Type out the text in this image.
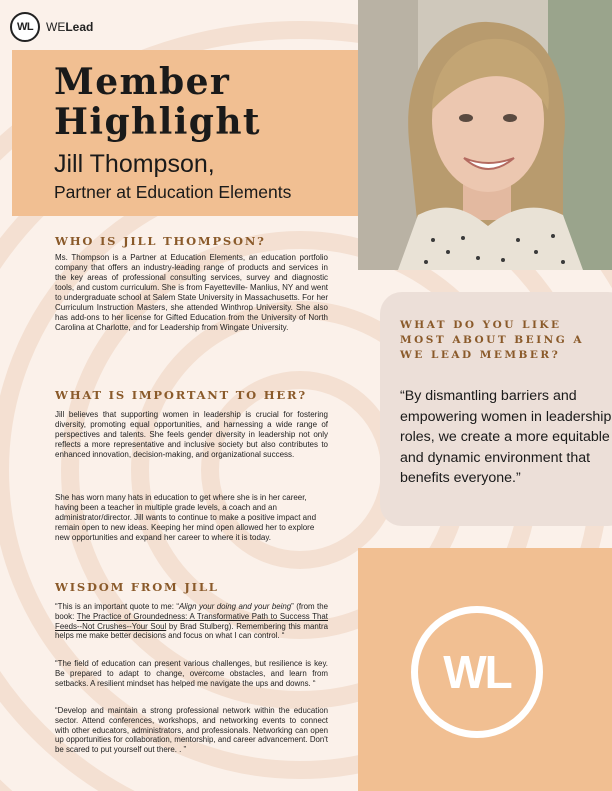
WL	WELead
Member
Highlight
Jill Thompson,
Partner at Education Elements
WHO IS JILL THOMPSON?
Ms. Thompson is a Partner at Education Elements, an education portfolio company that offers an industry-leading range of products and services in the key areas of professional consulting services, survey and diagnostic tools, and custom curriculum. She is from Fayetteville- Manlius, NY and went to undergraduate school at Salem State University in Massachusetts. For her Curriculum Instruction Masters, she attended Winthrop University. She also has add-ons to her license for Gifted Education from the University of North Carolina at Charlotte, and for Leadership from Wingate University.
WHAT IS IMPORTANT TO HER?
Jill believes that supporting women in leadership is crucial for fostering diversity, promoting equal opportunities, and harnessing a wide range of perspectives and talents. She feels gender diversity in leadership not only reflects a more representative and inclusive society but also contributes to enhanced innovation, decision-making, and organizational success.
She has worn many hats in education to get where she is in her career, having been a teacher in multiple grade levels, a coach and an administrator/director. Jill wants to continue to make a positive impact and remain open to new ideas. Keeping her mind open allowed her to explore new opportunities and expand her career to where it is today.
WISDOM FROM JILL
“This is an important quote to me: “Align your doing and your being” (from the book: The Practice of Groundedness: A Transformative Path to Success That Feeds--Not Crushes--Your Soul by Brad Stulberg). Remembering this mantra helps me make better decisions and focus on what I can control. “
“The field of education can present various challenges, but resilience is key. Be prepared to adapt to change, overcome obstacles, and learn from setbacks. A resilient mindset has helped me navigate the ups and downs. “
“Develop and maintain a strong professional network within the education sector. Attend conferences, workshops, and networking events to connect with other educators, administrators, and professionals. Networking can open up opportunities for collaboration, mentorship, and career advancement. Don't be scared to put yourself out there. . ”
WHAT DO YOU LIKE MOST ABOUT BEING A WE LEAD MEMBER?
“By dismantling barriers and empowering women in leadership roles, we create a more equitable and dynamic environment that benefits everyone.”
WL
